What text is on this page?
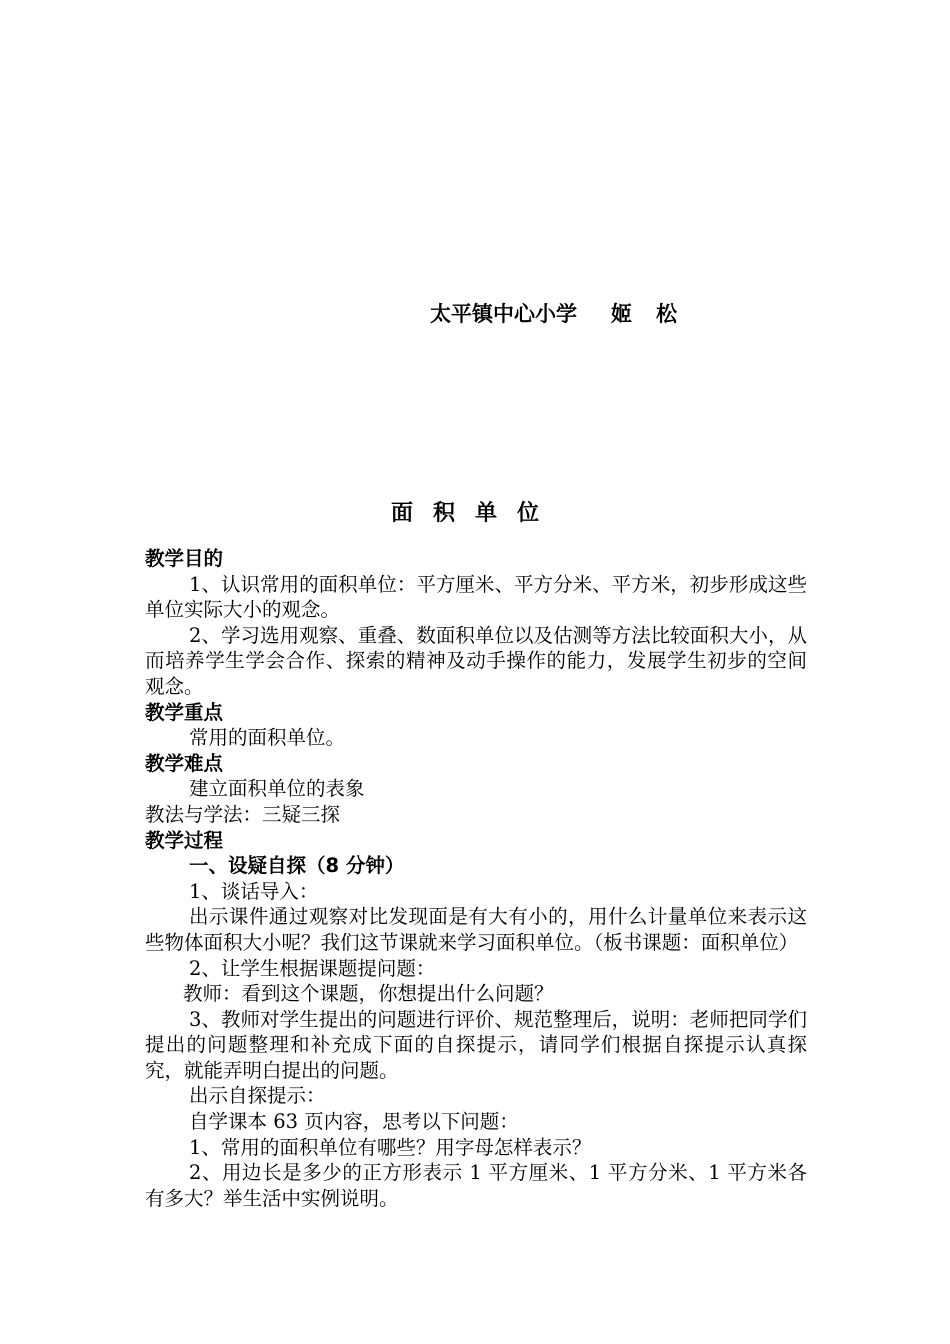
太平镇中心小学 姬 松
面积单位

教学目的

1、认识常用的面积单位：平方厘米、平方分米、平方米，初步形成这些单位实际大小的观念。

2、学习选用观察、重叠、数面积单位以及估测等方法比较面积大小，从而培养学生学会合作、探索的精神及动手操作的能力，发展学生初步的空间观念。

教学重点

常用的面积单位。

教学难点

建立面积单位的表象

教法与学法：三疑三探

教学过程

一、设疑自探（8 分钟）

1、谈话导入：

出示课件通过观察对比发现面是有大有小的，用什么计量单位来表示这些物体面积大小呢？我们这节课就来学习面积单位。（板书课题：面积单位）

2、让学生根据课题提问题：

教师：看到这个课题，你想提出什么问题？

3、教师对学生提出的问题进行评价、规范整理后，说明：老师把同学们提出的问题整理和补充成下面的自探提示，请同学们根据自探提示认真探究，就能弄明白提出的问题。

出示自探提示：

自学课本 63 页内容，思考以下问题：

1、常用的面积单位有哪些？用字母怎样表示？

2、用边长是多少的正方形表示 1 平方厘米、1 平方分米、1 平方米各有多大？举生活中实例说明。
